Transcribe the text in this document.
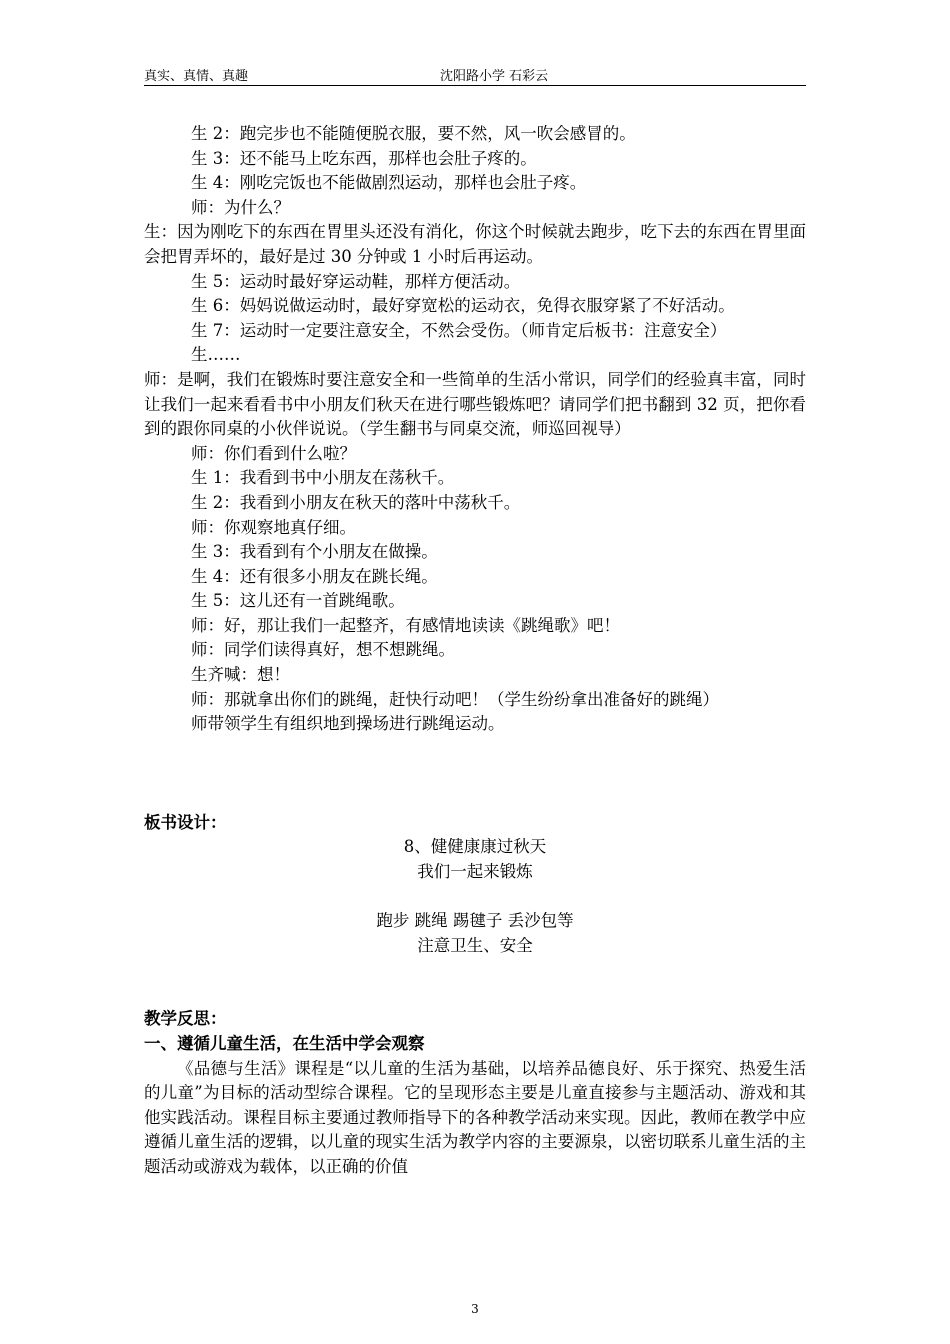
真实、真情、真趣	沈阳路小学 石彩云
生 2：跑完步也不能随便脱衣服，要不然，风一吹会感冒的。
生 3：还不能马上吃东西，那样也会肚子疼的。
生 4：刚吃完饭也不能做剧烈运动，那样也会肚子疼。
师：为什么？
生：因为刚吃下的东西在胃里头还没有消化，你这个时候就去跑步，吃下去的东西在胃里面会把胃弄坏的，最好是过 30 分钟或 1 小时后再运动。
生 5：运动时最好穿运动鞋，那样方便活动。
生 6：妈妈说做运动时，最好穿宽松的运动衣，免得衣服穿紧了不好活动。
生 7：运动时一定要注意安全，不然会受伤。（师肯定后板书：注意安全）
生……
师：是啊，我们在锻炼时要注意安全和一些简单的生活小常识，同学们的经验真丰富，同时让我们一起来看看书中小朋友们秋天在进行哪些锻炼吧？请同学们把书翻到 32 页，把你看到的跟你同桌的小伙伴说说。（学生翻书与同桌交流，师巡回视导）
师：你们看到什么啦？
生 1：我看到书中小朋友在荡秋千。
生 2：我看到小朋友在秋天的落叶中荡秋千。
师：你观察地真仔细。
生 3：我看到有个小朋友在做操。
生 4：还有很多小朋友在跳长绳。
生 5：这儿还有一首跳绳歌。
师：好，那让我们一起整齐，有感情地读读《跳绳歌》吧！
师：同学们读得真好，想不想跳绳。
生齐喊：想！
师：那就拿出你们的跳绳，赶快行动吧！（学生纷纷拿出准备好的跳绳）
师带领学生有组织地到操场进行跳绳运动。
板书设计：
8、健健康康过秋天
我们一起来锻炼
跑步 跳绳 踢毽子 丢沙包等
注意卫生、安全
教学反思：
一、遵循儿童生活，在生活中学会观察
《品德与生活》课程是“以儿童的生活为基础，以培养品德良好、乐于探究、热爱生活的儿童”为目标的活动型综合课程。它的呈现形态主要是儿童直接参与主题活动、游戏和其他实践活动。课程目标主要通过教师指导下的各种教学活动来实现。因此，教师在教学中应遵循儿童生活的逻辑，以儿童的现实生活为教学内容的主要源泉，以密切联系儿童生活的主题活动或游戏为载体，以正确的价值
3
